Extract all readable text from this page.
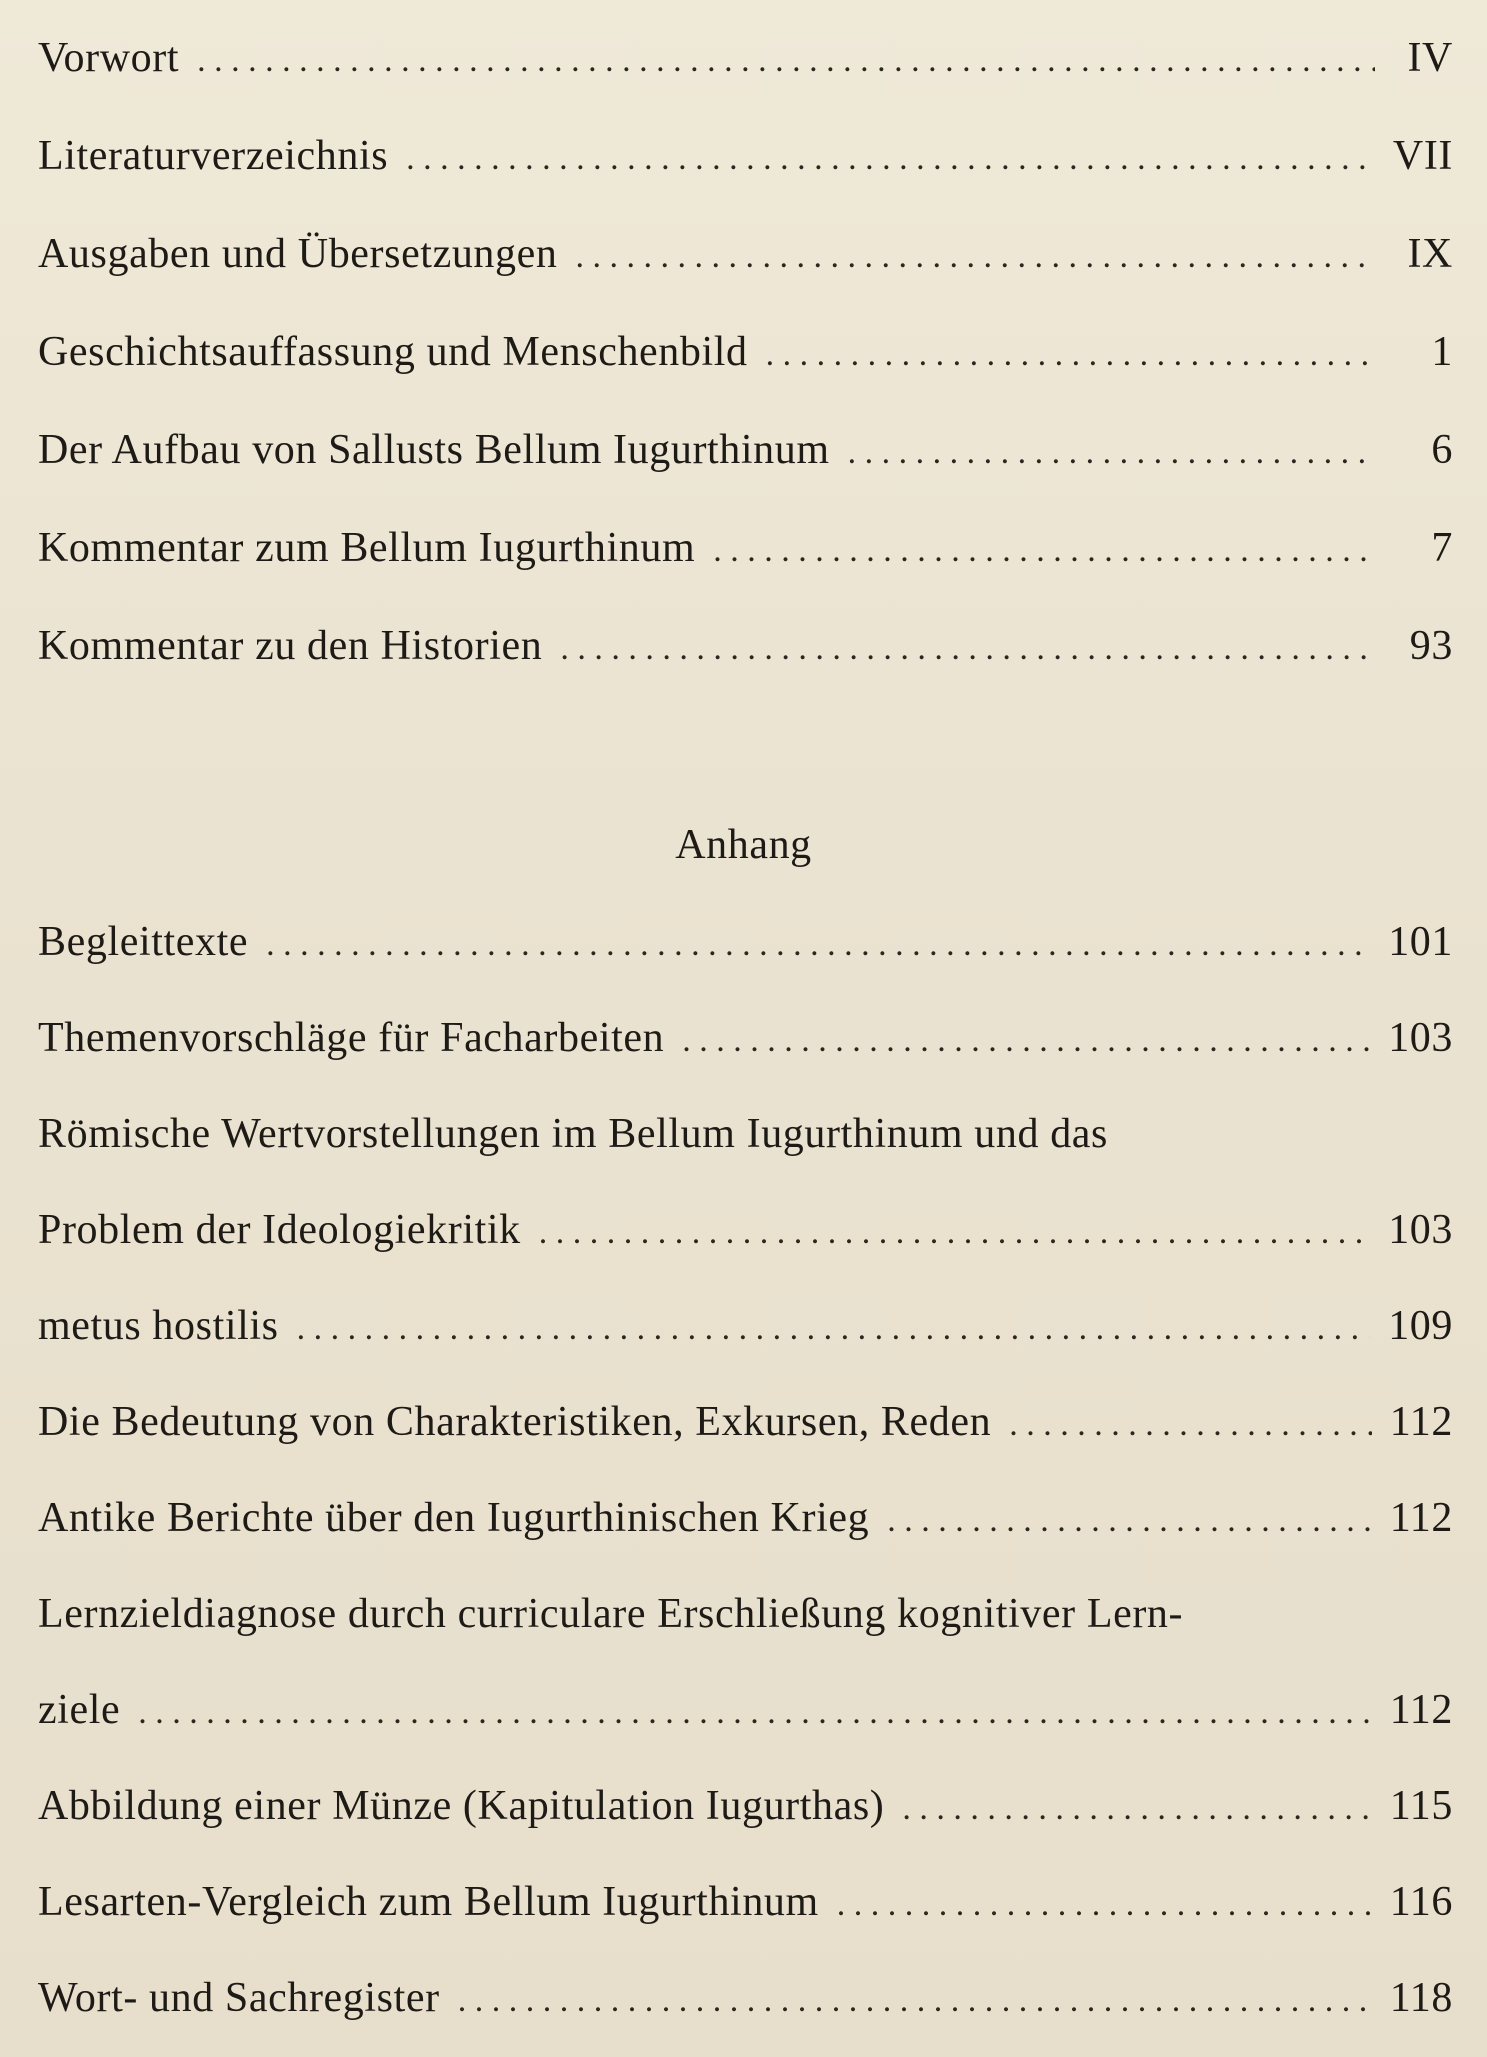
Vorwort . . .	IV
Literaturverzeichnis . . .	VII
Ausgaben und Übersetzungen . . .	IX
Geschichtsauffassung und Menschenbild . . .	1
Der Aufbau von Sallusts Bellum Iugurthinum . . .	6
Kommentar zum Bellum Iugurthinum . . .	7
Kommentar zu den Historien . . .	93
Anhang
Begleittexte . . .	101
Themenvorschläge für Facharbeiten . . .	103
Römische Wertvorstellungen im Bellum Iugurthinum und das
Problem der Ideologiekritik . . .	103
metus hostilis . . .	109
Die Bedeutung von Charakteristiken, Exkursen, Reden . . .	112
Antike Berichte über den Iugurthinischen Krieg . . .	112
Lernzieldiagnose durch curriculare Erschließung kognitiver Lern-
ziele . . .	112
Abbildung einer Münze (Kapitulation Iugurthas) . . .	115
Lesarten-Vergleich zum Bellum Iugurthinum . . .	116
Wort- und Sachregister . . .	118
